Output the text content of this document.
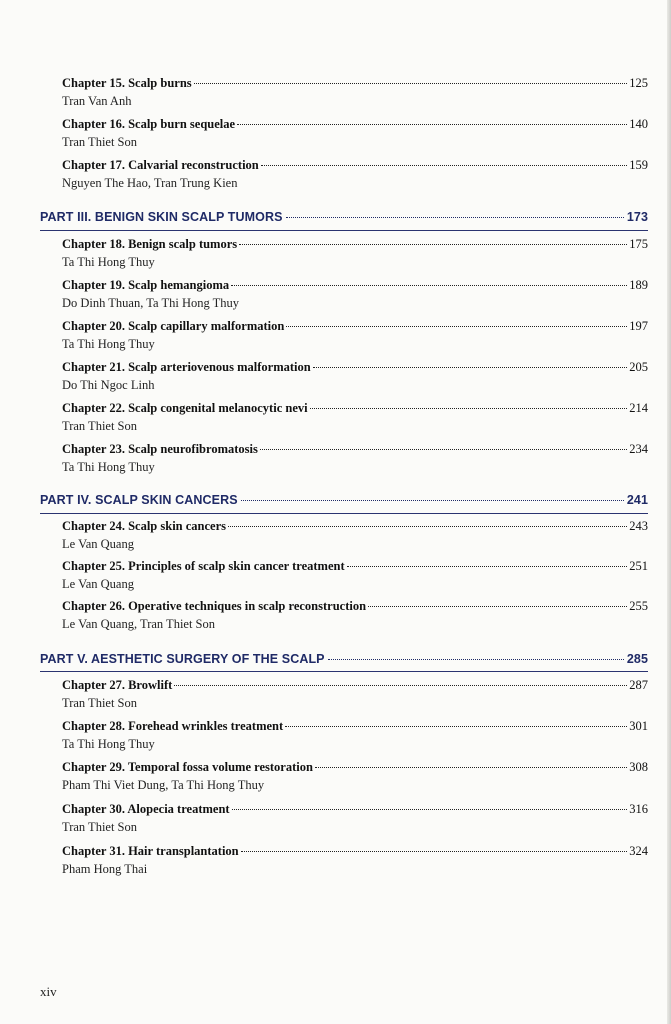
Chapter 15. Scalp burns	125
Tran Van Anh
Chapter 16. Scalp burn sequelae	140
Tran Thiet Son
Chapter 17. Calvarial reconstruction	159
Nguyen The Hao, Tran Trung Kien
PART III. BENIGN SKIN SCALP TUMORS	173
Chapter 18. Benign scalp tumors	175
Ta Thi Hong Thuy
Chapter 19. Scalp hemangioma	189
Do Dinh Thuan, Ta Thi Hong Thuy
Chapter 20. Scalp capillary malformation	197
Ta Thi Hong Thuy
Chapter 21. Scalp arteriovenous malformation	205
Do Thi Ngoc Linh
Chapter 22. Scalp congenital melanocytic nevi	214
Tran Thiet Son
Chapter 23. Scalp neurofibromatosis	234
Ta Thi Hong Thuy
PART IV. SCALP SKIN CANCERS	241
Chapter 24. Scalp skin cancers	243
Le Van Quang
Chapter 25. Principles of scalp skin cancer treatment	251
Le Van Quang
Chapter 26. Operative techniques in scalp reconstruction	255
Le Van Quang, Tran Thiet Son
PART V. AESTHETIC SURGERY OF THE SCALP	285
Chapter 27. Browlift	287
Tran Thiet Son
Chapter 28. Forehead wrinkles treatment	301
Ta Thi Hong Thuy
Chapter 29. Temporal fossa volume restoration	308
Pham Thi Viet Dung, Ta Thi Hong Thuy
Chapter 30. Alopecia treatment	316
Tran Thiet Son
Chapter 31. Hair transplantation	324
Pham Hong Thai
xiv
